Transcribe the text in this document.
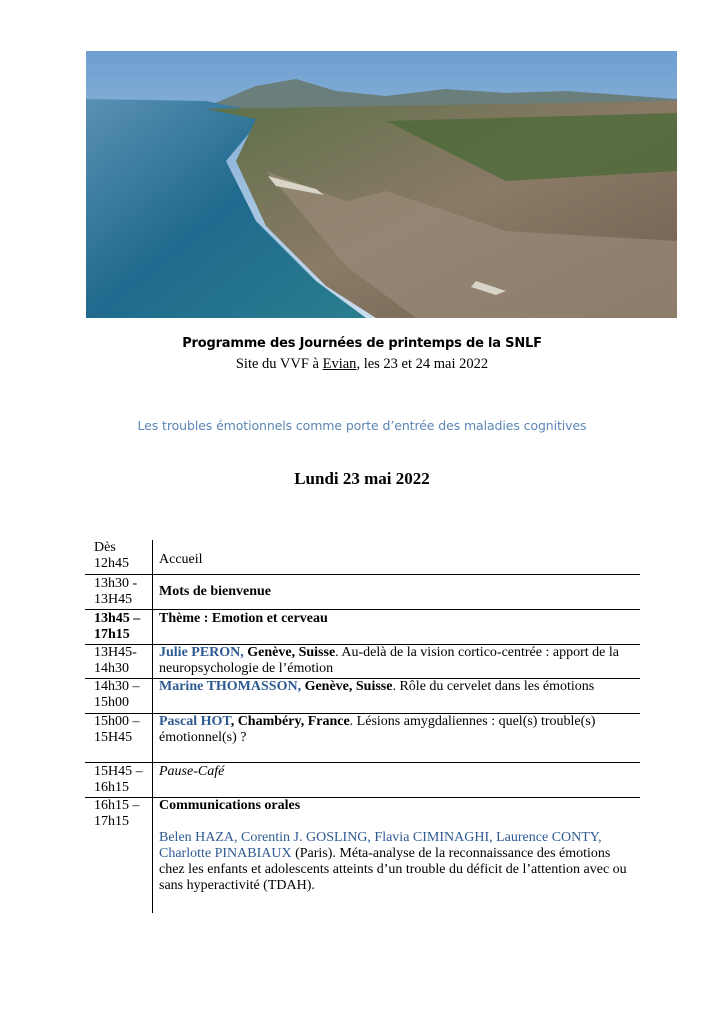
Programme des Journées de printemps de la SNLF
Site du VVF à Evian, les 23 et 24 mai 2022
Les troubles émotionnels comme porte d’entrée des maladies cognitives
Lundi 23 mai 2022
Dès 12h45	Accueil
13h30 - 13H45
Mots de bienvenue
13h45 – 17h15
Thème : Emotion et cerveau
13H45- 14h30
Julie PERON, Genève, Suisse. Au-delà de la vision cortico-centrée : apport de la neuropsychologie de l’émotion
14h30 – 15h00
Marine THOMASSON, Genève, Suisse. Rôle du cervelet dans les émotions
15h00 – 15H45
Pascal HOT, Chambéry, France. Lésions amygdaliennes : quel(s) trouble(s) émotionnel(s) ?
15H45 – 16h15
Pause-Café
16h15 – 17h15
Communications orales
Belen HAZA, Corentin J. GOSLING, Flavia CIMINAGHI, Laurence CONTY, Charlotte PINABIAUX (Paris). Méta-analyse de la reconnaissance des émotions chez les enfants et adolescents atteints d’un trouble du déficit de l’attention avec ou sans hyperactivité (TDAH).
